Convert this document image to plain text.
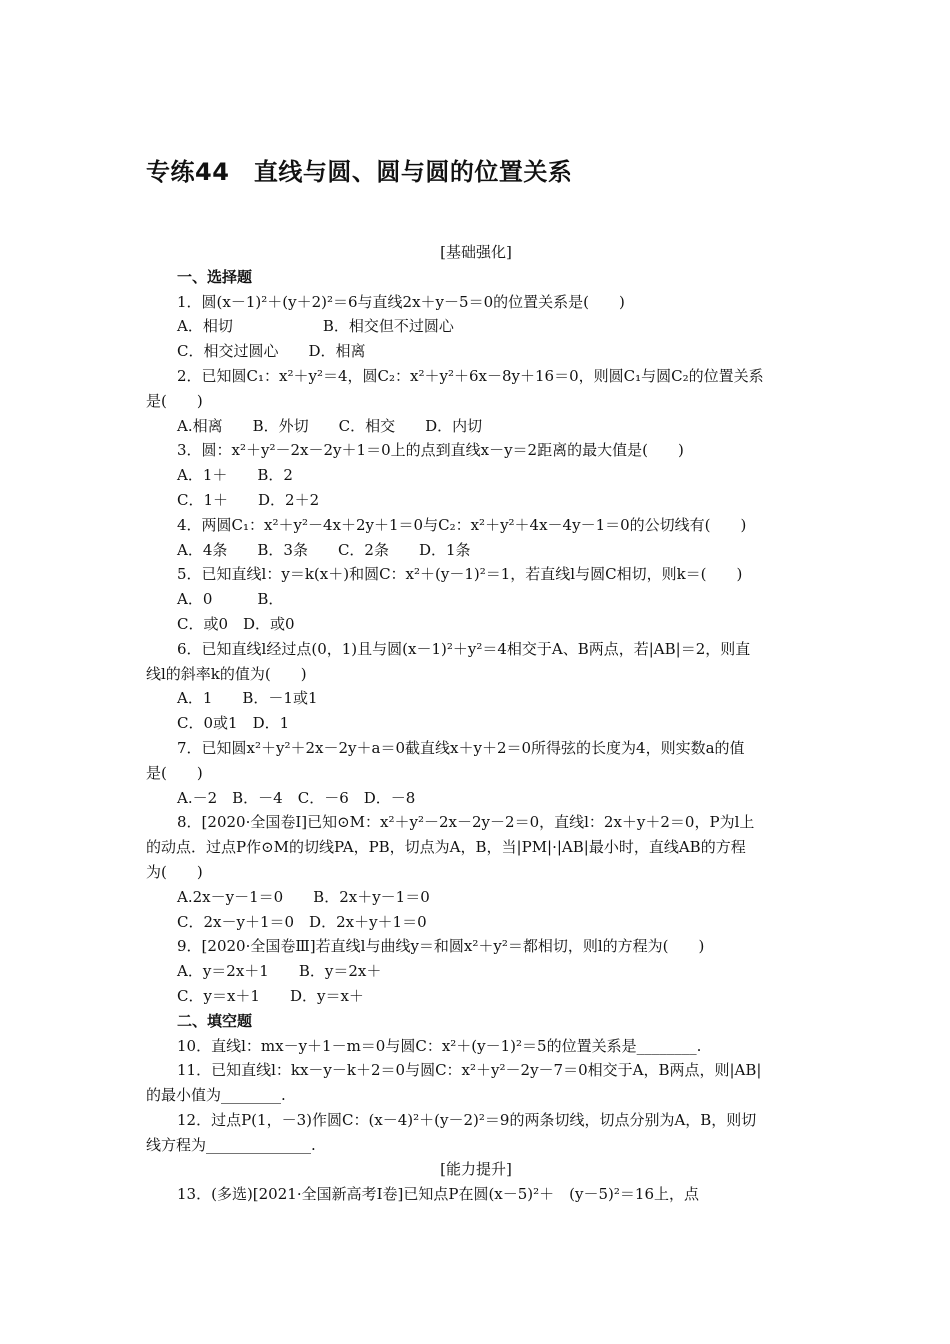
专练44　直线与圆、圆与圆的位置关系
[基础强化]
一、选择题
1．圆(x－1)²＋(y＋2)²＝6与直线2x＋y－5＝0的位置关系是(　　)
A．相切　　　　　　B．相交但不过圆心
C．相交过圆心　　D．相离
2．已知圆C₁：x²＋y²＝4，圆C₂：x²＋y²＋6x－8y＋16＝0，则圆C₁与圆C₂的位置关系
是(　　)
A.相离　　B．外切　　C．相交　　D．内切
3．圆：x²＋y²－2x－2y＋1＝0上的点到直线x－y＝2距离的最大值是(　　)
A．1＋　　B．2
C．1＋　　D．2＋2
4．两圆C₁：x²＋y²－4x＋2y＋1＝0与C₂：x²＋y²＋4x－4y－1＝0的公切线有(　　)
A．4条　　B．3条　　C．2条　　D．1条
5．已知直线l：y＝k(x＋)和圆C：x²＋(y－1)²＝1，若直线l与圆C相切，则k＝(　　)
A．0　　　B．
C．或0　D．或0
6．已知直线l经过点(0，1)且与圆(x－1)²＋y²＝4相交于A、B两点，若|AB|＝2，则直
线l的斜率k的值为(　　)
A．1　　B．－1或1
C．0或1　D．1
7．已知圆x²＋y²＋2x－2y＋a＝0截直线x＋y＋2＝0所得弦的长度为4，则实数a的值
是(　　)
A.－2　B．－4　C．－6　D．－8
8．[2020·全国卷Ⅰ]已知⊙M：x²＋y²－2x－2y－2＝0，直线l：2x＋y＋2＝0，P为l上
的动点．过点P作⊙M的切线PA，PB，切点为A，B，当|PM|·|AB|最小时，直线AB的方程
为(　　)
A.2x－y－1＝0　　B．2x＋y－1＝0
C．2x－y＋1＝0　D．2x＋y＋1＝0
9．[2020·全国卷Ⅲ]若直线l与曲线y＝和圆x²＋y²＝都相切，则l的方程为(　　)
A．y＝2x＋1　　B．y＝2x＋
C．y＝x＋1　　D．y＝x＋
二、填空题
10．直线l：mx－y＋1－m＝0与圆C：x²＋(y－1)²＝5的位置关系是________.
11．已知直线l：kx－y－k＋2＝0与圆C：x²＋y²－2y－7＝0相交于A，B两点，则|AB|
的最小值为________.
12．过点P(1，－3)作圆C：(x－4)²＋(y－2)²＝9的两条切线，切点分别为A，B，则切
线方程为______________.
[能力提升]
13．(多选)[2021·全国新高考Ⅰ卷]已知点P在圆(x－5)²＋　(y－5)²＝16上，点
